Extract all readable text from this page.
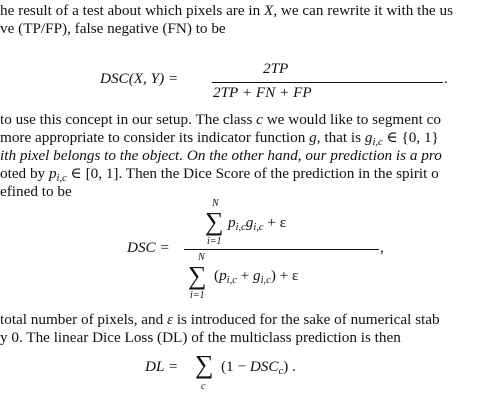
he result of a test about which pixels are in X, we can rewrite it with the us
ve (TP/FP), false negative (FN) to be
DSC(X, Y) =
2TP
2TP + FN + FP
.
to use this concept in our setup. The class c we would like to segment co
more appropriate to consider its indicator function g, that is gi,c ∈ {0, 1}
ith pixel belongs to the object. On the other hand, our prediction is a pro
oted by pi,c ∈ [0, 1]. Then the Dice Score of the prediction in the spirit o
efined to be
DSC =
N
∑
i=1
pi,cgi,c + ε
N
∑
i=1
(pi,c + gi,c) + ε
,
total number of pixels, and ε is introduced for the sake of numerical stab
y 0. The linear Dice Loss (DL) of the multiclass prediction is then
DL = ∑
c
(1 − DSCc) .
